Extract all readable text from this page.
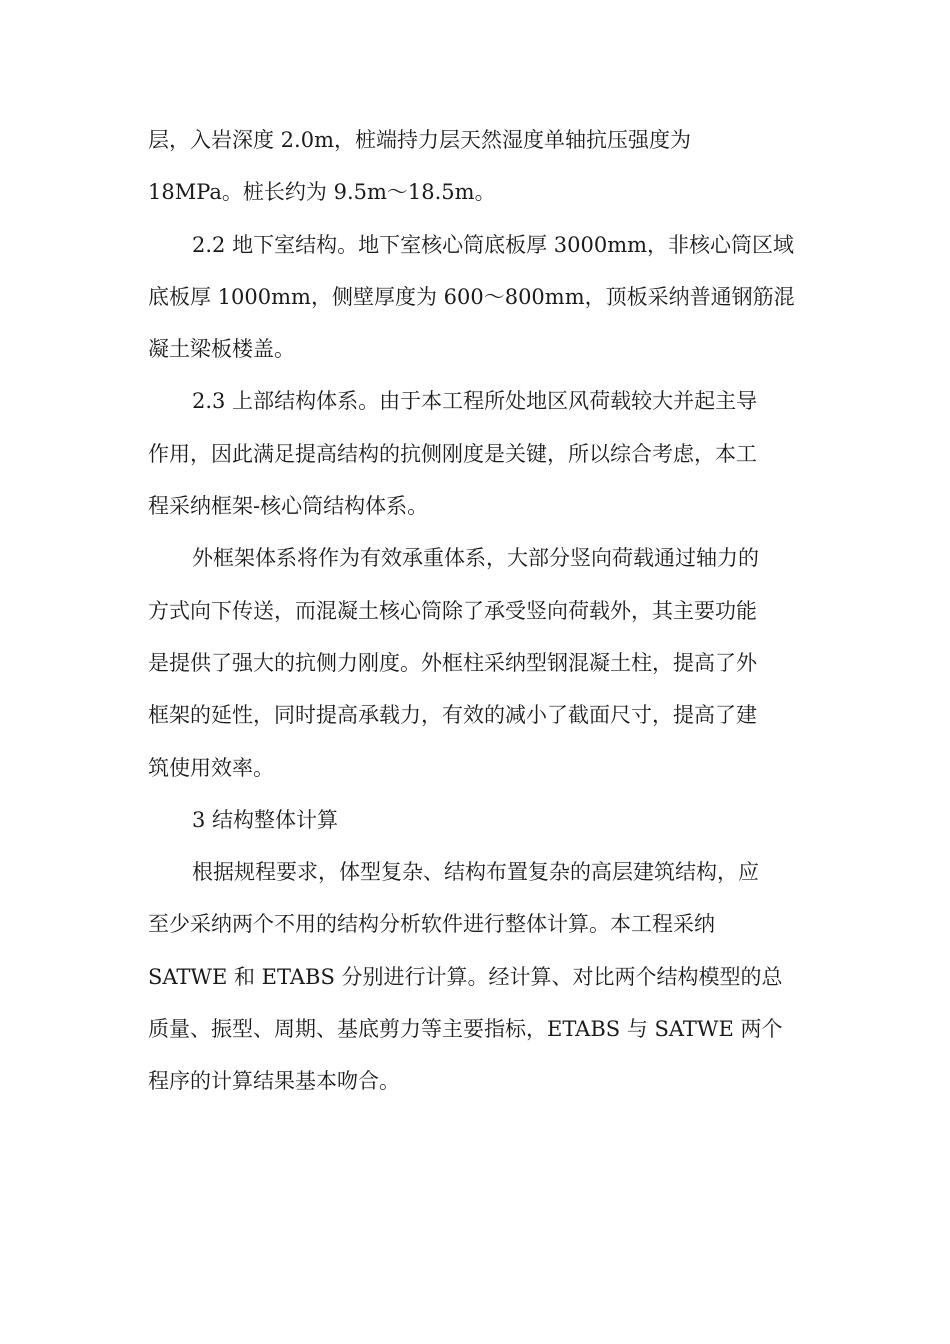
层，入岩深度 2.0m，桩端持力层天然湿度单轴抗压强度为
18MPa。桩长约为 9.5m～18.5m。
2.2 地下室结构。地下室核心筒底板厚 3000mm，非核心筒区域
底板厚 1000mm，侧壁厚度为 600～800mm，顶板采纳普通钢筋混
凝土梁板楼盖。
2.3 上部结构体系。由于本工程所处地区风荷载较大并起主导
作用，因此满足提高结构的抗侧刚度是关键，所以综合考虑，本工
程采纳框架-核心筒结构体系。
外框架体系将作为有效承重体系，大部分竖向荷载通过轴力的
方式向下传送，而混凝土核心筒除了承受竖向荷载外，其主要功能
是提供了强大的抗侧力刚度。外框柱采纳型钢混凝土柱，提高了外
框架的延性，同时提高承载力，有效的减小了截面尺寸，提高了建
筑使用效率。
3 结构整体计算
根据规程要求，体型复杂、结构布置复杂的高层建筑结构，应
至少采纳两个不用的结构分析软件进行整体计算。本工程采纳
SATWE 和 ETABS 分别进行计算。经计算、对比两个结构模型的总
质量、振型、周期、基底剪力等主要指标，ETABS 与 SATWE 两个
程序的计算结果基本吻合。
